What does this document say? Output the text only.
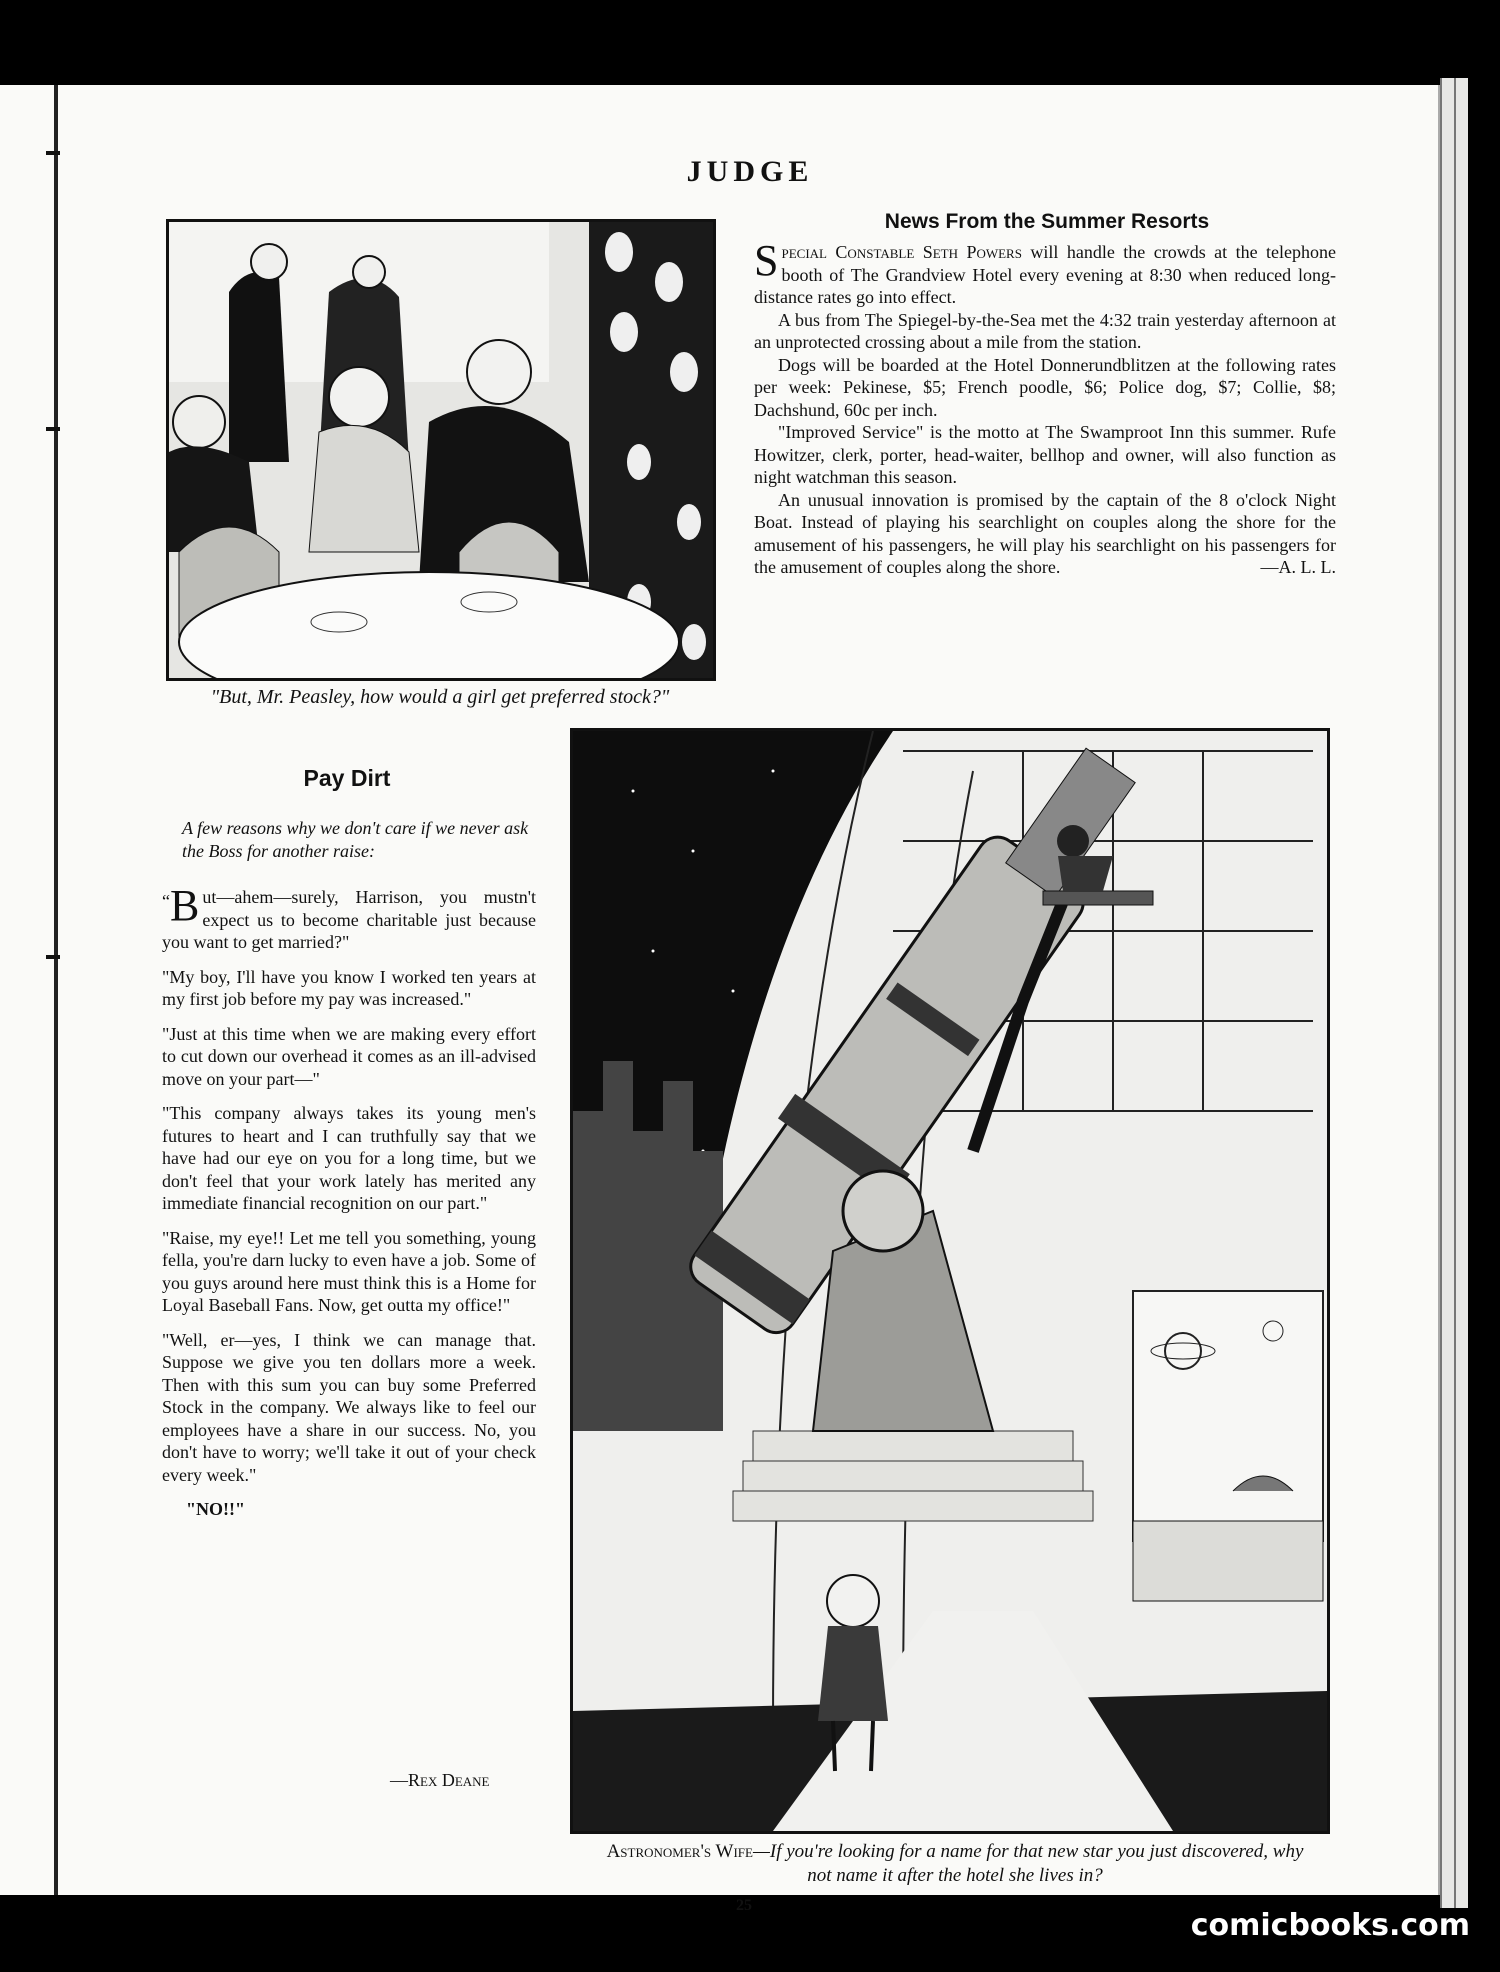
JUDGE
"But, Mr. Peasley, how would a girl get preferred stock?"
News From the Summer Resorts

Special Constable Seth Powers will handle the crowds at the telephone booth of The Grandview Hotel every evening at 8:30 when reduced long-distance rates go into effect.

A bus from The Spiegel-by-the-Sea met the 4:32 train yesterday afternoon at an unprotected crossing about a mile from the station.

Dogs will be boarded at the Hotel Donnerundblitzen at the following rates per week: Pekinese, $5; French poodle, $6; Police dog, $7; Collie, $8; Dachshund, 60c per inch.

"Improved Service" is the motto at The Swamproot Inn this summer. Rufe Howitzer, clerk, porter, head-waiter, bellhop and owner, will also function as night watchman this season.

An unusual innovation is promised by the captain of the 8 o'clock Night Boat. Instead of playing his searchlight on couples along the shore for the amusement of his passengers, he will play his searchlight on his passengers for the amusement of couples along the shore.	—A. L. L.

Pay Dirt

A few reasons why we don't care if we never ask the Boss for another raise:

“ B ut—ahem—surely, Harrison, you mustn't expect us to become charitable just because you want to get married?"

"My boy, I'll have you know I worked ten years at my first job before my pay was increased."

"Just at this time when we are making every effort to cut down our overhead it comes as an ill-advised move on your part—"

"This company always takes its young men's futures to heart and I can truthfully say that we have had our eye on you for a long time, but we don't feel that your work lately has merited any immediate financial recognition on our part."

"Raise, my eye!! Let me tell you something, young fella, you're darn lucky to even have a job. Some of you guys around here must think this is a Home for Loyal Baseball Fans. Now, get outta my office!"

"Well, er—yes, I think we can manage that. Suppose we give you ten dollars more a week. Then with this sum you can buy some Preferred Stock in the company. We always like to feel our employees have a share in our success. No, you don't have to worry; we'll take it out of your check every week."

"NO!!"

—Rex Deane
Astronomer's Wife—If you're looking for a name for that new star you just discovered, why not name it after the hotel she lives in?
25
comicbooks.com
